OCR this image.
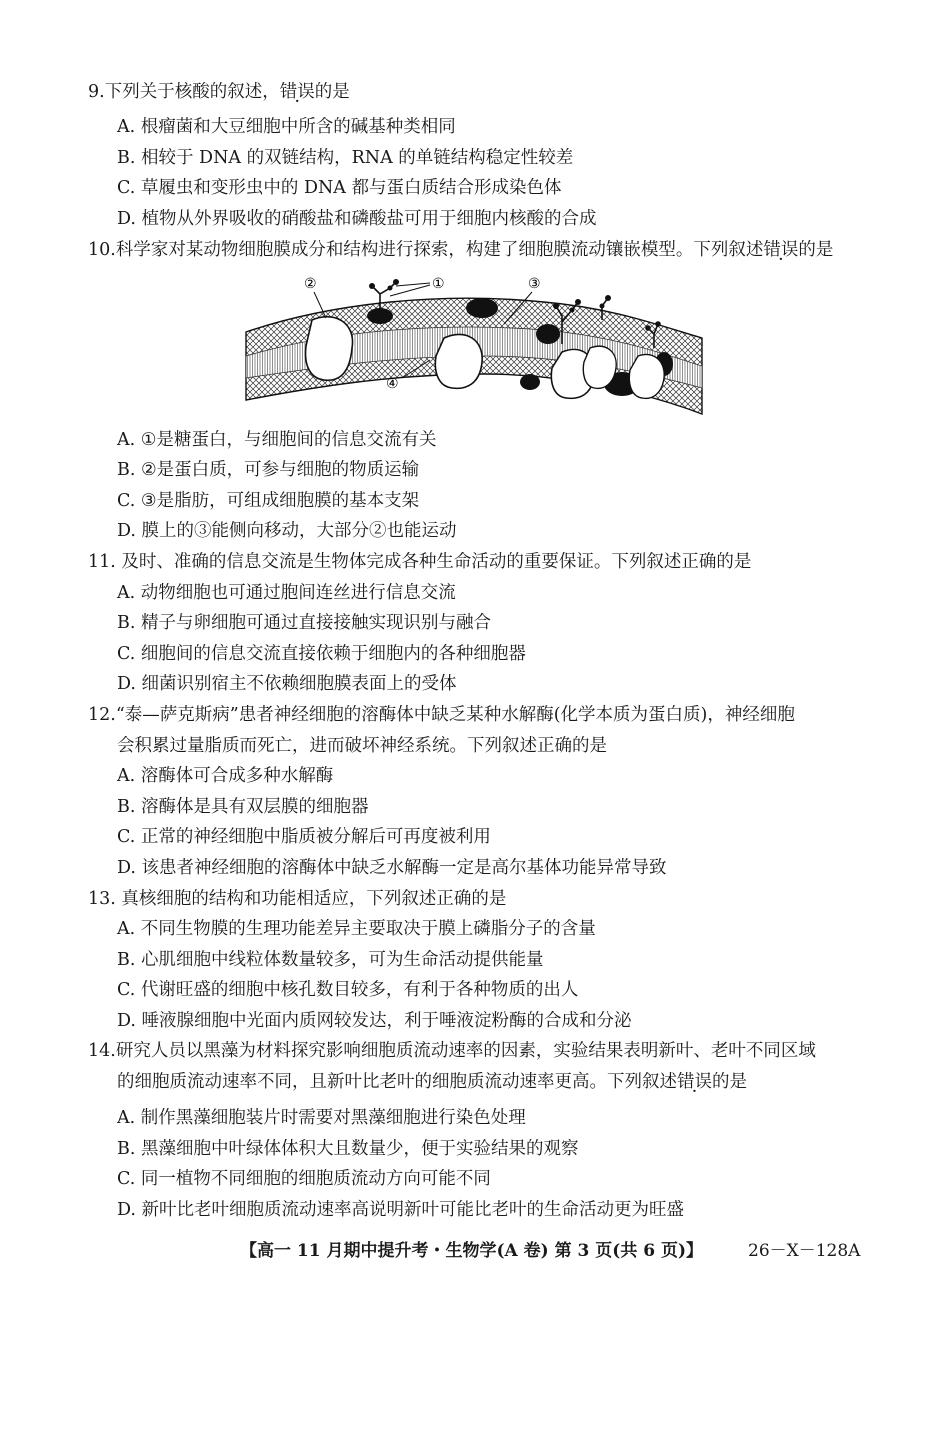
9.下列关于核酸的叙述，错误的是
A. 根瘤菌和大豆细胞中所含的碱基种类相同
B. 相较于 DNA 的双链结构，RNA 的单链结构稳定性较差
C. 草履虫和变形虫中的 DNA 都与蛋白质结合形成染色体
D. 植物从外界吸收的硝酸盐和磷酸盐可用于细胞内核酸的合成
10.科学家对某动物细胞膜成分和结构进行探索，构建了细胞膜流动镶嵌模型。下列叙述错误的是
②	①	③
④
A. ①是糖蛋白，与细胞间的信息交流有关
B. ②是蛋白质，可参与细胞的物质运输
C. ③是脂肪，可组成细胞膜的基本支架
D. 膜上的③能侧向移动，大部分②也能运动
11. 及时、准确的信息交流是生物体完成各种生命活动的重要保证。下列叙述正确的是
A. 动物细胞也可通过胞间连丝进行信息交流
B. 精子与卵细胞可通过直接接触实现识别与融合
C. 细胞间的信息交流直接依赖于细胞内的各种细胞器
D. 细菌识别宿主不依赖细胞膜表面上的受体
12.“泰—萨克斯病”患者神经细胞的溶酶体中缺乏某种水解酶(化学本质为蛋白质)，神经细胞
会积累过量脂质而死亡，进而破坏神经系统。下列叙述正确的是
A. 溶酶体可合成多种水解酶
B. 溶酶体是具有双层膜的细胞器
C. 正常的神经细胞中脂质被分解后可再度被利用
D. 该患者神经细胞的溶酶体中缺乏水解酶一定是高尔基体功能异常导致
13. 真核细胞的结构和功能相适应，下列叙述正确的是
A. 不同生物膜的生理功能差异主要取决于膜上磷脂分子的含量
B. 心肌细胞中线粒体数量较多，可为生命活动提供能量
C. 代谢旺盛的细胞中核孔数目较多，有利于各种物质的出人
D. 唾液腺细胞中光面内质网较发达，利于唾液淀粉酶的合成和分泌
14.研究人员以黑藻为材料探究影响细胞质流动速率的因素，实验结果表明新叶、老叶不同区域
的细胞质流动速率不同，且新叶比老叶的细胞质流动速率更高。下列叙述错误的是
A. 制作黑藻细胞装片时需要对黑藻细胞进行染色处理
B. 黑藻细胞中叶绿体体积大且数量少，便于实验结果的观察
C. 同一植物不同细胞的细胞质流动方向可能不同
D. 新叶比老叶细胞质流动速率高说明新叶可能比老叶的生命活动更为旺盛
【高一 11 月期中提升考・生物学(A 卷) 第 3 页(共 6 页)】	26－X－128A
